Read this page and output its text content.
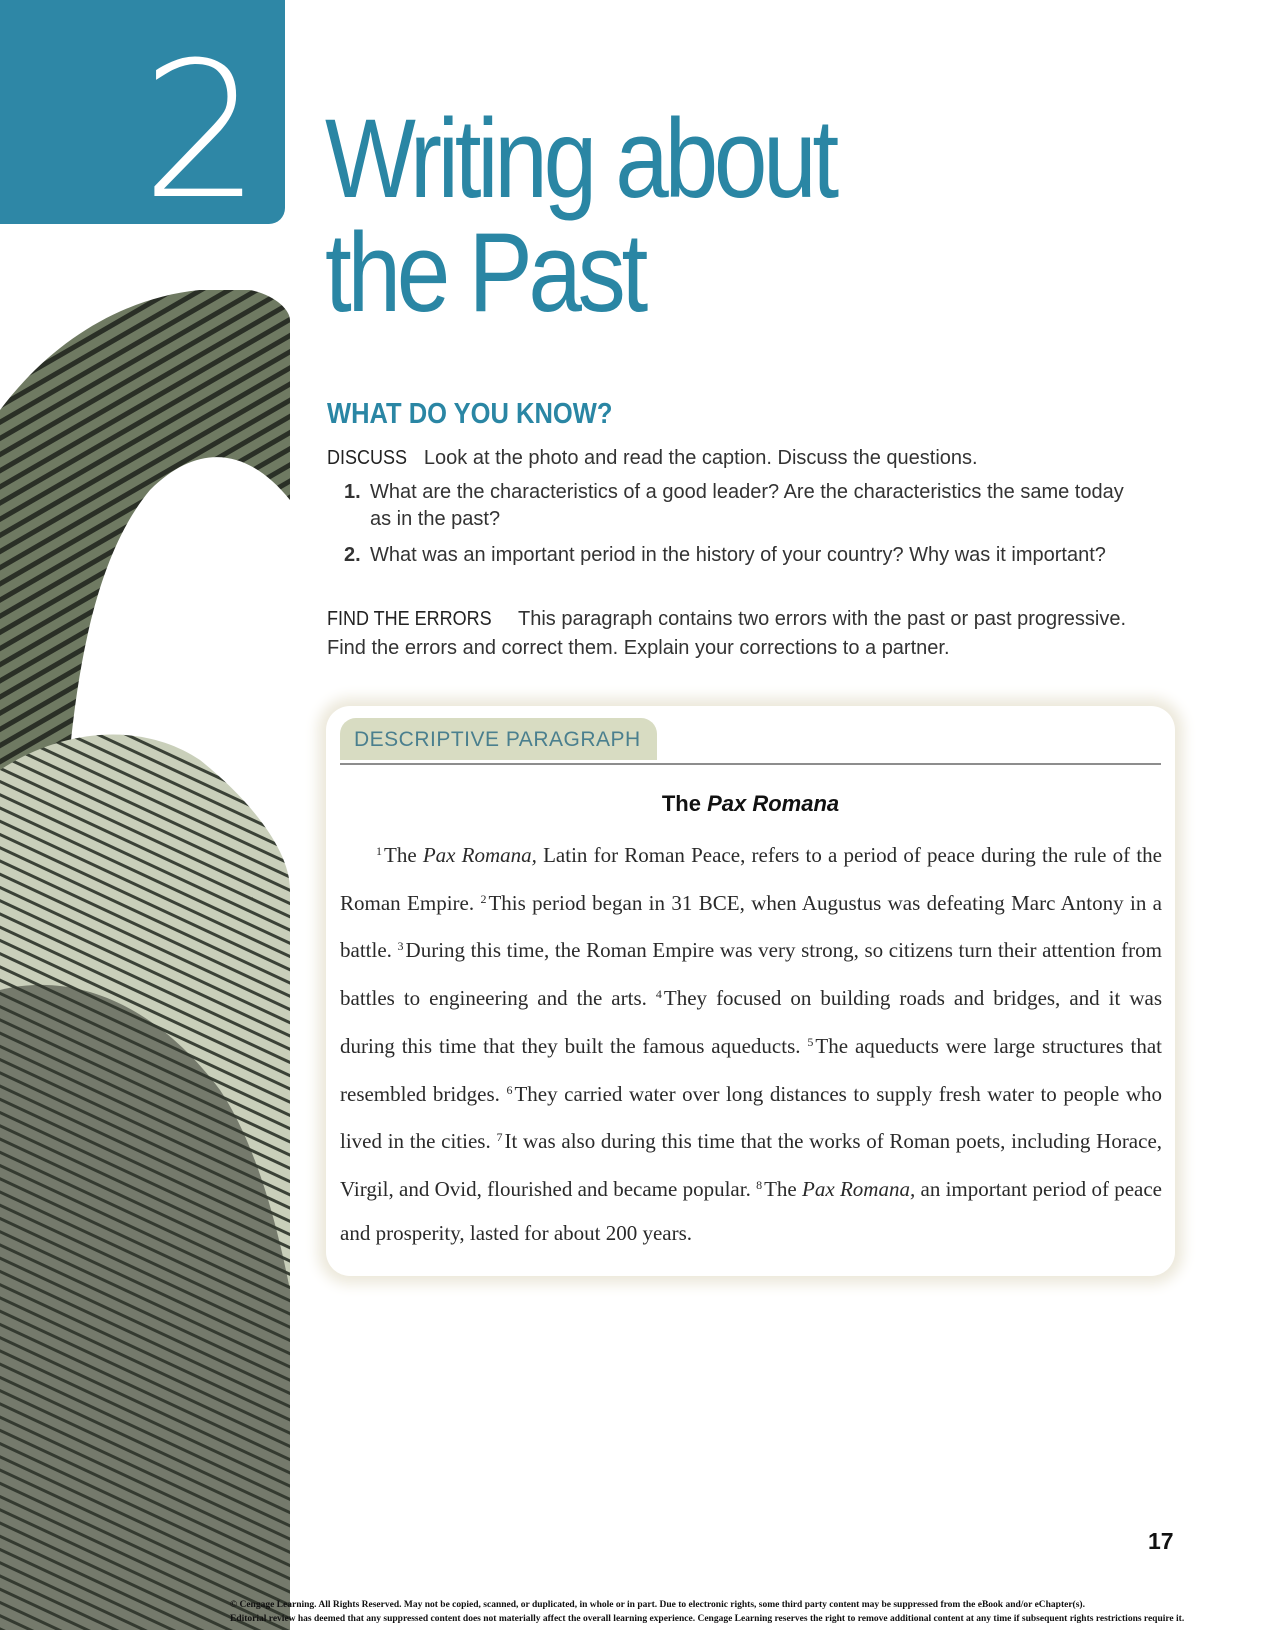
2 Writing about
the Past
WHAT DO YOU KNOW?
DISCUSS Look at the photo and read the caption. Discuss the questions.
1. What are the characteristics of a good leader? Are the characteristics the same today as in the past?
2. What was an important period in the history of your country? Why was it important?
FIND THE ERRORS This paragraph contains two errors with the past or past progressive. Find the errors and correct them. Explain your corrections to a partner.
DESCRIPTIVE PARAGRAPH
The Pax Romana

$^1$The Pax Romana, Latin for Roman Peace, refers to a period of peace during the rule of the Roman Empire. $^2$This period began in 31 BCE, when Augustus was defeating Marc Antony in a battle. $^3$During this time, the Roman Empire was very strong, so citizens turn their attention from battles to engineering and the arts. $^4$They focused on building roads and bridges, and it was during this time that they built the famous aqueducts. $^5$The aqueducts were large structures that resembled bridges. $^6$They carried water over long distances to supply fresh water to people who lived in the cities. $^7$It was also during this time that the works of Roman poets, including Horace, Virgil, and Ovid, flourished and became popular. $^8$The Pax Romana, an important period of peace and prosperity, lasted for about 200 years.

17
© Cengage Learning. All Rights Reserved. May not be copied, scanned, or duplicated, in whole or in part. Due to electronic rights, some third party content may be suppressed from the eBook and/or eChapter(s).
Editorial review has deemed that any suppressed content does not materially affect the overall learning experience. Cengage Learning reserves the right to remove additional content at any time if subsequent rights restrictions require it.
